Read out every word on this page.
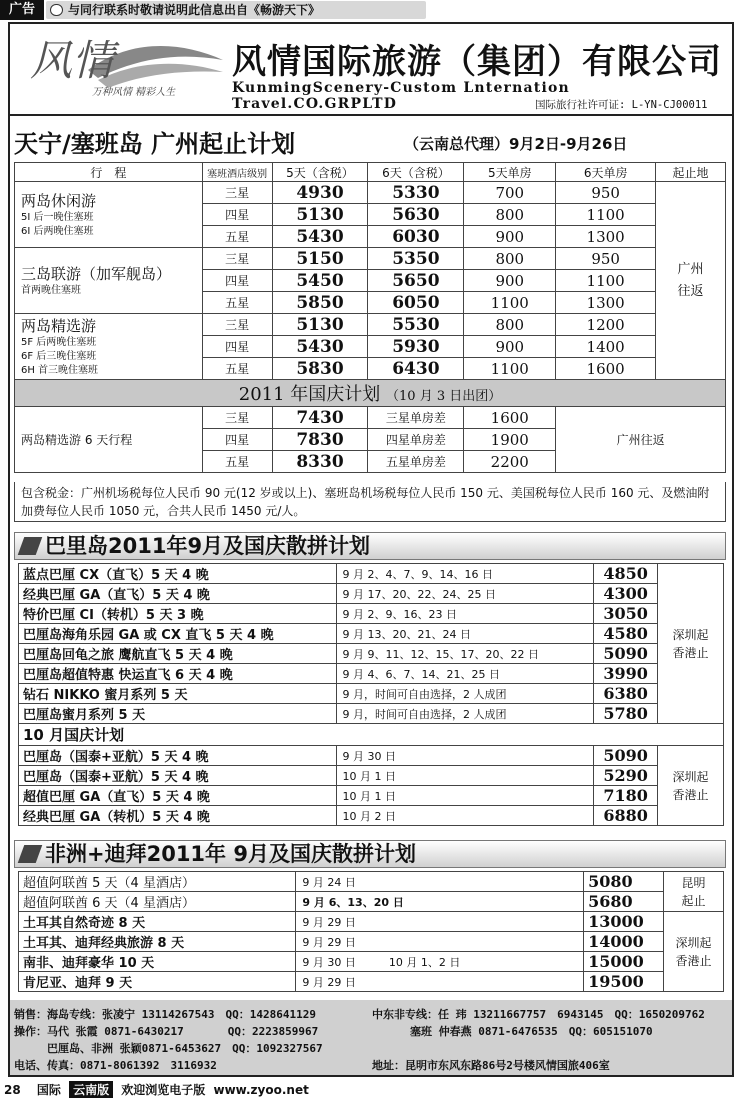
广告	与同行联系时敬请说明此信息出自《畅游天下》
风情
万种风情 精彩人生
风情国际旅游（集团）有限公司
KunmingScenery-Custom Lnternation Travel.CO.GRPLTD	国际旅行社许可证: L-YN-CJ00011
天宁/塞班岛 广州起止计划	（云南总代理）9月2日-9月26日
行　程	塞班酒店级别	5天（含税）	6天（含税）	5天单房	6天单房	起止地

两岛休闲游
5I 后一晚住塞班
6I 后两晚住塞班	三星	4930	5330	700	950	广州
往返
	四星	5130	5630	800	1100	
	五星	5430	6030	900	1300	

三岛联游（加军舰岛）
首两晚住塞班	三星	5150	5350	800	950	
	四星	5450	5650	900	1100	
	五星	5850	6050	1100	1300	

两岛精选游
5F 后两晚住塞班
6F 后三晚住塞班
6H 首三晚住塞班	三星	5130	5530	800	1200	
	四星	5430	5930	900	1400	
	五星	5830	6430	1100	1600	
2011 年国庆计划 （10 月 3 日出团）						
两岛精选游 6 天行程	三星	7430	三星单房差	1600	广州往返	
	四星	7830	四星单房差	1900		
	五星	8330	五星单房差	2200		
包含税金：广州机场税每位人民币 90 元(12 岁或以上)、塞班岛机场税每位人民币 150 元、美国税每位人民币 160 元、及燃油附加费每位人民币 1050 元，合共人民币 1450 元/人。
巴里岛2011年9月及国庆散拼计划
蓝点巴厘 CX（直飞）5 天 4 晚	9 月 2、4、7、9、14、16 日	4850	深圳起
香港止
经典巴厘 GA（直飞）5 天 4 晚	9 月 17、20、22、24、25 日	4300	
特价巴厘 CI（转机）5 天 3 晚	9 月 2、9、16、23 日	3050	
巴厘岛海角乐园 GA 或 CX 直飞 5 天 4 晚	9 月 13、20、21、24 日	4580	
巴厘岛回龟之旅 鹰航直飞 5 天 4 晚	9 月 9、11、12、15、17、20、22 日	5090	
巴厘岛超值特惠 快运直飞 6 天 4 晚	9 月 4、6、7、14、21、25 日	3990	
钻石 NIKKO 蜜月系列 5 天	9 月，时间可自由选择，2 人成团	6380	
巴厘岛蜜月系列 5 天	9 月，时间可自由选择，2 人成团	5780	
10 月国庆计划			
巴厘岛（国泰+亚航）5 天 4 晚	9 月 30 日	5090	深圳起
香港止
巴厘岛（国泰+亚航）5 天 4 晚	10 月 1 日	5290	
超值巴厘 GA（直飞）5 天 4 晚	10 月 1 日	7180	
经典巴厘 GA（转机）5 天 4 晚	10 月 2 日	6880	
非洲+迪拜2011年 9月及国庆散拼计划
超值阿联酋 5 天（4 星酒店）	9 月 24 日	5080	昆明
起止
超值阿联酋 6 天（4 星酒店）	9 月 6、13、20 日	5680	
土耳其自然奇迹 8 天	9 月 29 日	13000	深圳起
香港止
土耳其、迪拜经典旅游 8 天	9 月 29 日	14000	
南非、迪拜豪华 10 天	9 月 30 日　　　10 月 1、2 日	15000	
肯尼亚、迪拜 9 天	9 月 29 日	19500	
销售：海岛专线：张凌宁 13114267543　QQ：1428641129	中东非专线：任 玮 13211667757　6943145　QQ：1650209762
操作：马代 张霞 0871-6430217　　　　QQ：2223859967	塞班 仲春燕 0871-6476535　QQ：605151070
　　　巴厘岛、非洲 张颖0871-6453627　QQ：1092327567
电话、传真：0871-8061392　3116932	地址：昆明市东风东路86号2号楼风情国旅406室
28 国际 云南版 欢迎浏览电子版 www.zyoo.net
